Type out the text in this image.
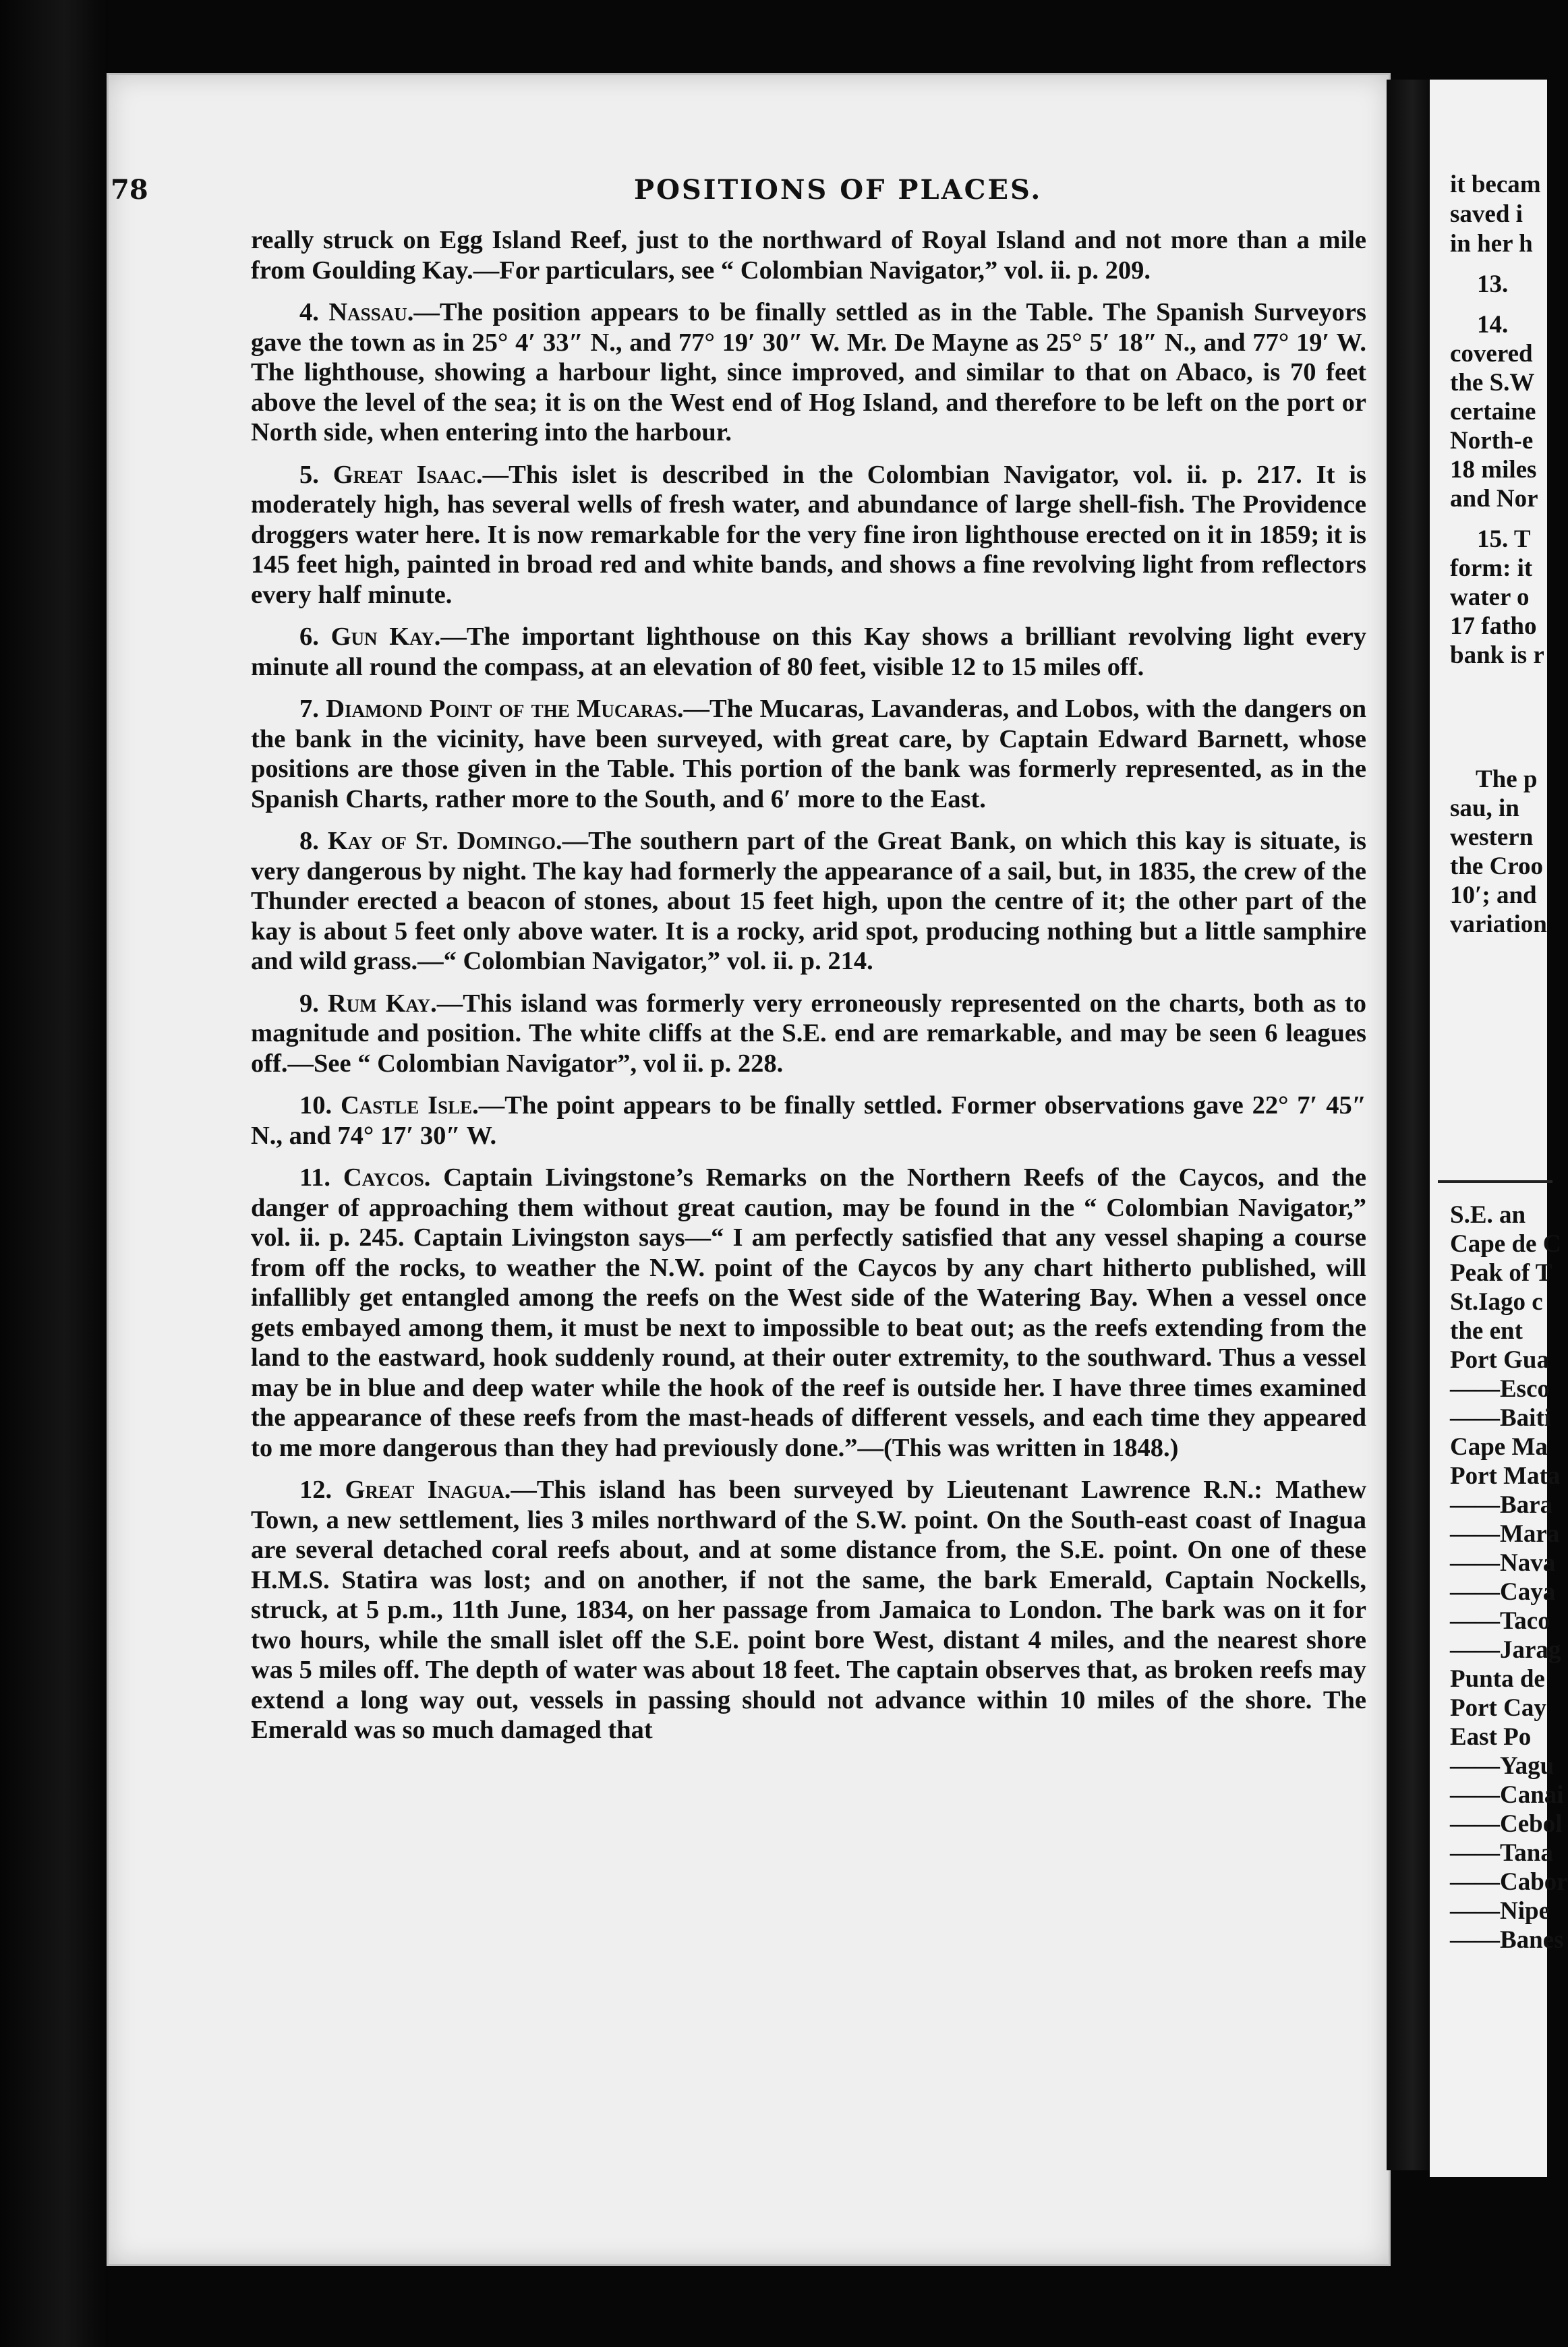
78	POSITIONS OF PLACES.

really struck on Egg Island Reef, just to the northward of Royal Island and not more than a mile from Goulding Kay.—For particulars, see “ Colombian Navigator,” vol. ii. p. 209.

4. Nassau.—The position appears to be finally settled as in the Table. The Spanish Surveyors gave the town as in 25° 4′ 33″ N., and 77° 19′ 30″ W. Mr. De Mayne as 25° 5′ 18″ N., and 77° 19′ W. The lighthouse, showing a harbour light, since improved, and similar to that on Abaco, is 70 feet above the level of the sea; it is on the West end of Hog Island, and therefore to be left on the port or North side, when entering into the harbour.

5. Great Isaac.—This islet is described in the Colombian Navigator, vol. ii. p. 217. It is moderately high, has several wells of fresh water, and abundance of large shell-fish. The Providence droggers water here. It is now remarkable for the very fine iron lighthouse erected on it in 1859; it is 145 feet high, painted in broad red and white bands, and shows a fine revolving light from reflectors every half minute.

6. Gun Kay.—The important lighthouse on this Kay shows a brilliant revolving light every minute all round the compass, at an elevation of 80 feet, visible 12 to 15 miles off.

7. Diamond Point of the Mucaras.—The Mucaras, Lavanderas, and Lobos, with the dangers on the bank in the vicinity, have been surveyed, with great care, by Captain Edward Barnett, whose positions are those given in the Table. This portion of the bank was formerly represented, as in the Spanish Charts, rather more to the South, and 6′ more to the East.

8. Kay of St. Domingo.—The southern part of the Great Bank, on which this kay is situate, is very dangerous by night. The kay had formerly the appearance of a sail, but, in 1835, the crew of the Thunder erected a beacon of stones, about 15 feet high, upon the centre of it; the other part of the kay is about 5 feet only above water. It is a rocky, arid spot, producing nothing but a little samphire and wild grass.—“ Colombian Navigator,” vol. ii. p. 214.

9. Rum Kay.—This island was formerly very erroneously represented on the charts, both as to magnitude and position. The white cliffs at the S.E. end are remarkable, and may be seen 6 leagues off.—See “ Colombian Navigator”, vol ii. p. 228.

10. Castle Isle.—The point appears to be finally settled. Former observations gave 22° 7′ 45″ N., and 74° 17′ 30″ W.

11. Caycos. Captain Livingstone’s Remarks on the Northern Reefs of the Caycos, and the danger of approaching them without great caution, may be found in the “ Colombian Navigator,” vol. ii. p. 245. Captain Livingston says—“ I am perfectly satisfied that any vessel shaping a course from off the rocks, to weather the N.W. point of the Caycos by any chart hitherto published, will infallibly get entangled among the reefs on the West side of the Watering Bay. When a vessel once gets embayed among them, it must be next to impossible to beat out; as the reefs extending from the land to the eastward, hook suddenly round, at their outer extremity, to the southward. Thus a vessel may be in blue and deep water while the hook of the reef is outside her. I have three times examined the appearance of these reefs from the mast-heads of different vessels, and each time they appeared to me more dangerous than they had previously done.”—(This was written in 1848.)

12. Great Inagua.—This island has been surveyed by Lieutenant Lawrence R.N.: Mathew Town, a new settlement, lies 3 miles northward of the S.W. point. On the South-east coast of Inagua are several detached coral reefs about, and at some distance from, the S.E. point. On one of these H.M.S. Statira was lost; and on another, if not the same, the bark Emerald, Captain Nockells, struck, at 5 p.m., 11th June, 1834, on her passage from Jamaica to London. The bark was on it for two hours, while the small islet off the S.E. point bore West, distant 4 miles, and the nearest shore was 5 miles off. The depth of water was about 18 feet. The captain observes that, as broken reefs may extend a long way out, vessels in passing should not advance within 10 miles of the shore. The Emerald was so much damaged that

it becam
saved i
in her h
13.
14.
covered
the S.W
certaine
North-e
18 miles
and Nor
15. T
form: it
water o
17 fatho
bank is r
The p
sau, in
western
the Croo
10′; and
variation
S.E. an
Cape de C
Peak of T
St.Iago c
the ent
Port Gua
——Esco
——Baiti
Cape Ma
Port Mata
——Bara
——Mara
——Nava
——Caya
——Taco
——Jarag
Punta de
Port Cay
East Po
——Yagu
——Canai
——Cebol
——Tana
——Cabor
——Nipe
——Banes
